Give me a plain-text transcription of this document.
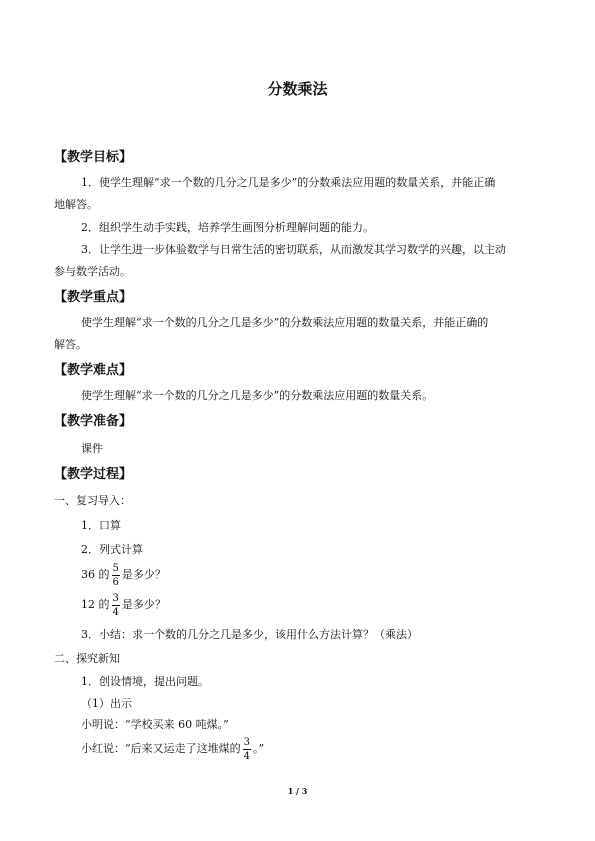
分数乘法
【教学目标】
1．使学生理解“求一个数的几分之几是多少”的分数乘法应用题的数量关系，并能正确
地解答。
2．组织学生动手实践，培养学生画图分析理解问题的能力。
3．让学生进一步体验数学与日常生活的密切联系，从而激发其学习数学的兴趣，以主动
参与数学活动。
【教学重点】
使学生理解“求一个数的几分之几是多少”的分数乘法应用题的数量关系，并能正确的
解答。
【教学难点】
使学生理解“求一个数的几分之几是多少”的分数乘法应用题的数量关系。
【教学准备】
课件
【教学过程】
一、复习导入：
1．口算
2．列式计算
36 的 $\frac{5}{6}$ 是多少？
12 的 $\frac{3}{4}$ 是多少？
3．小结：求一个数的几分之几是多少，该用什么方法计算？（乘法）
二、探究新知
1．创设情境，提出问题。
（1）出示
小明说：“学校买来 60 吨煤。”
小红说：“后来又运走了这堆煤的 $\frac{3}{4}$ 。”
1 / 3
